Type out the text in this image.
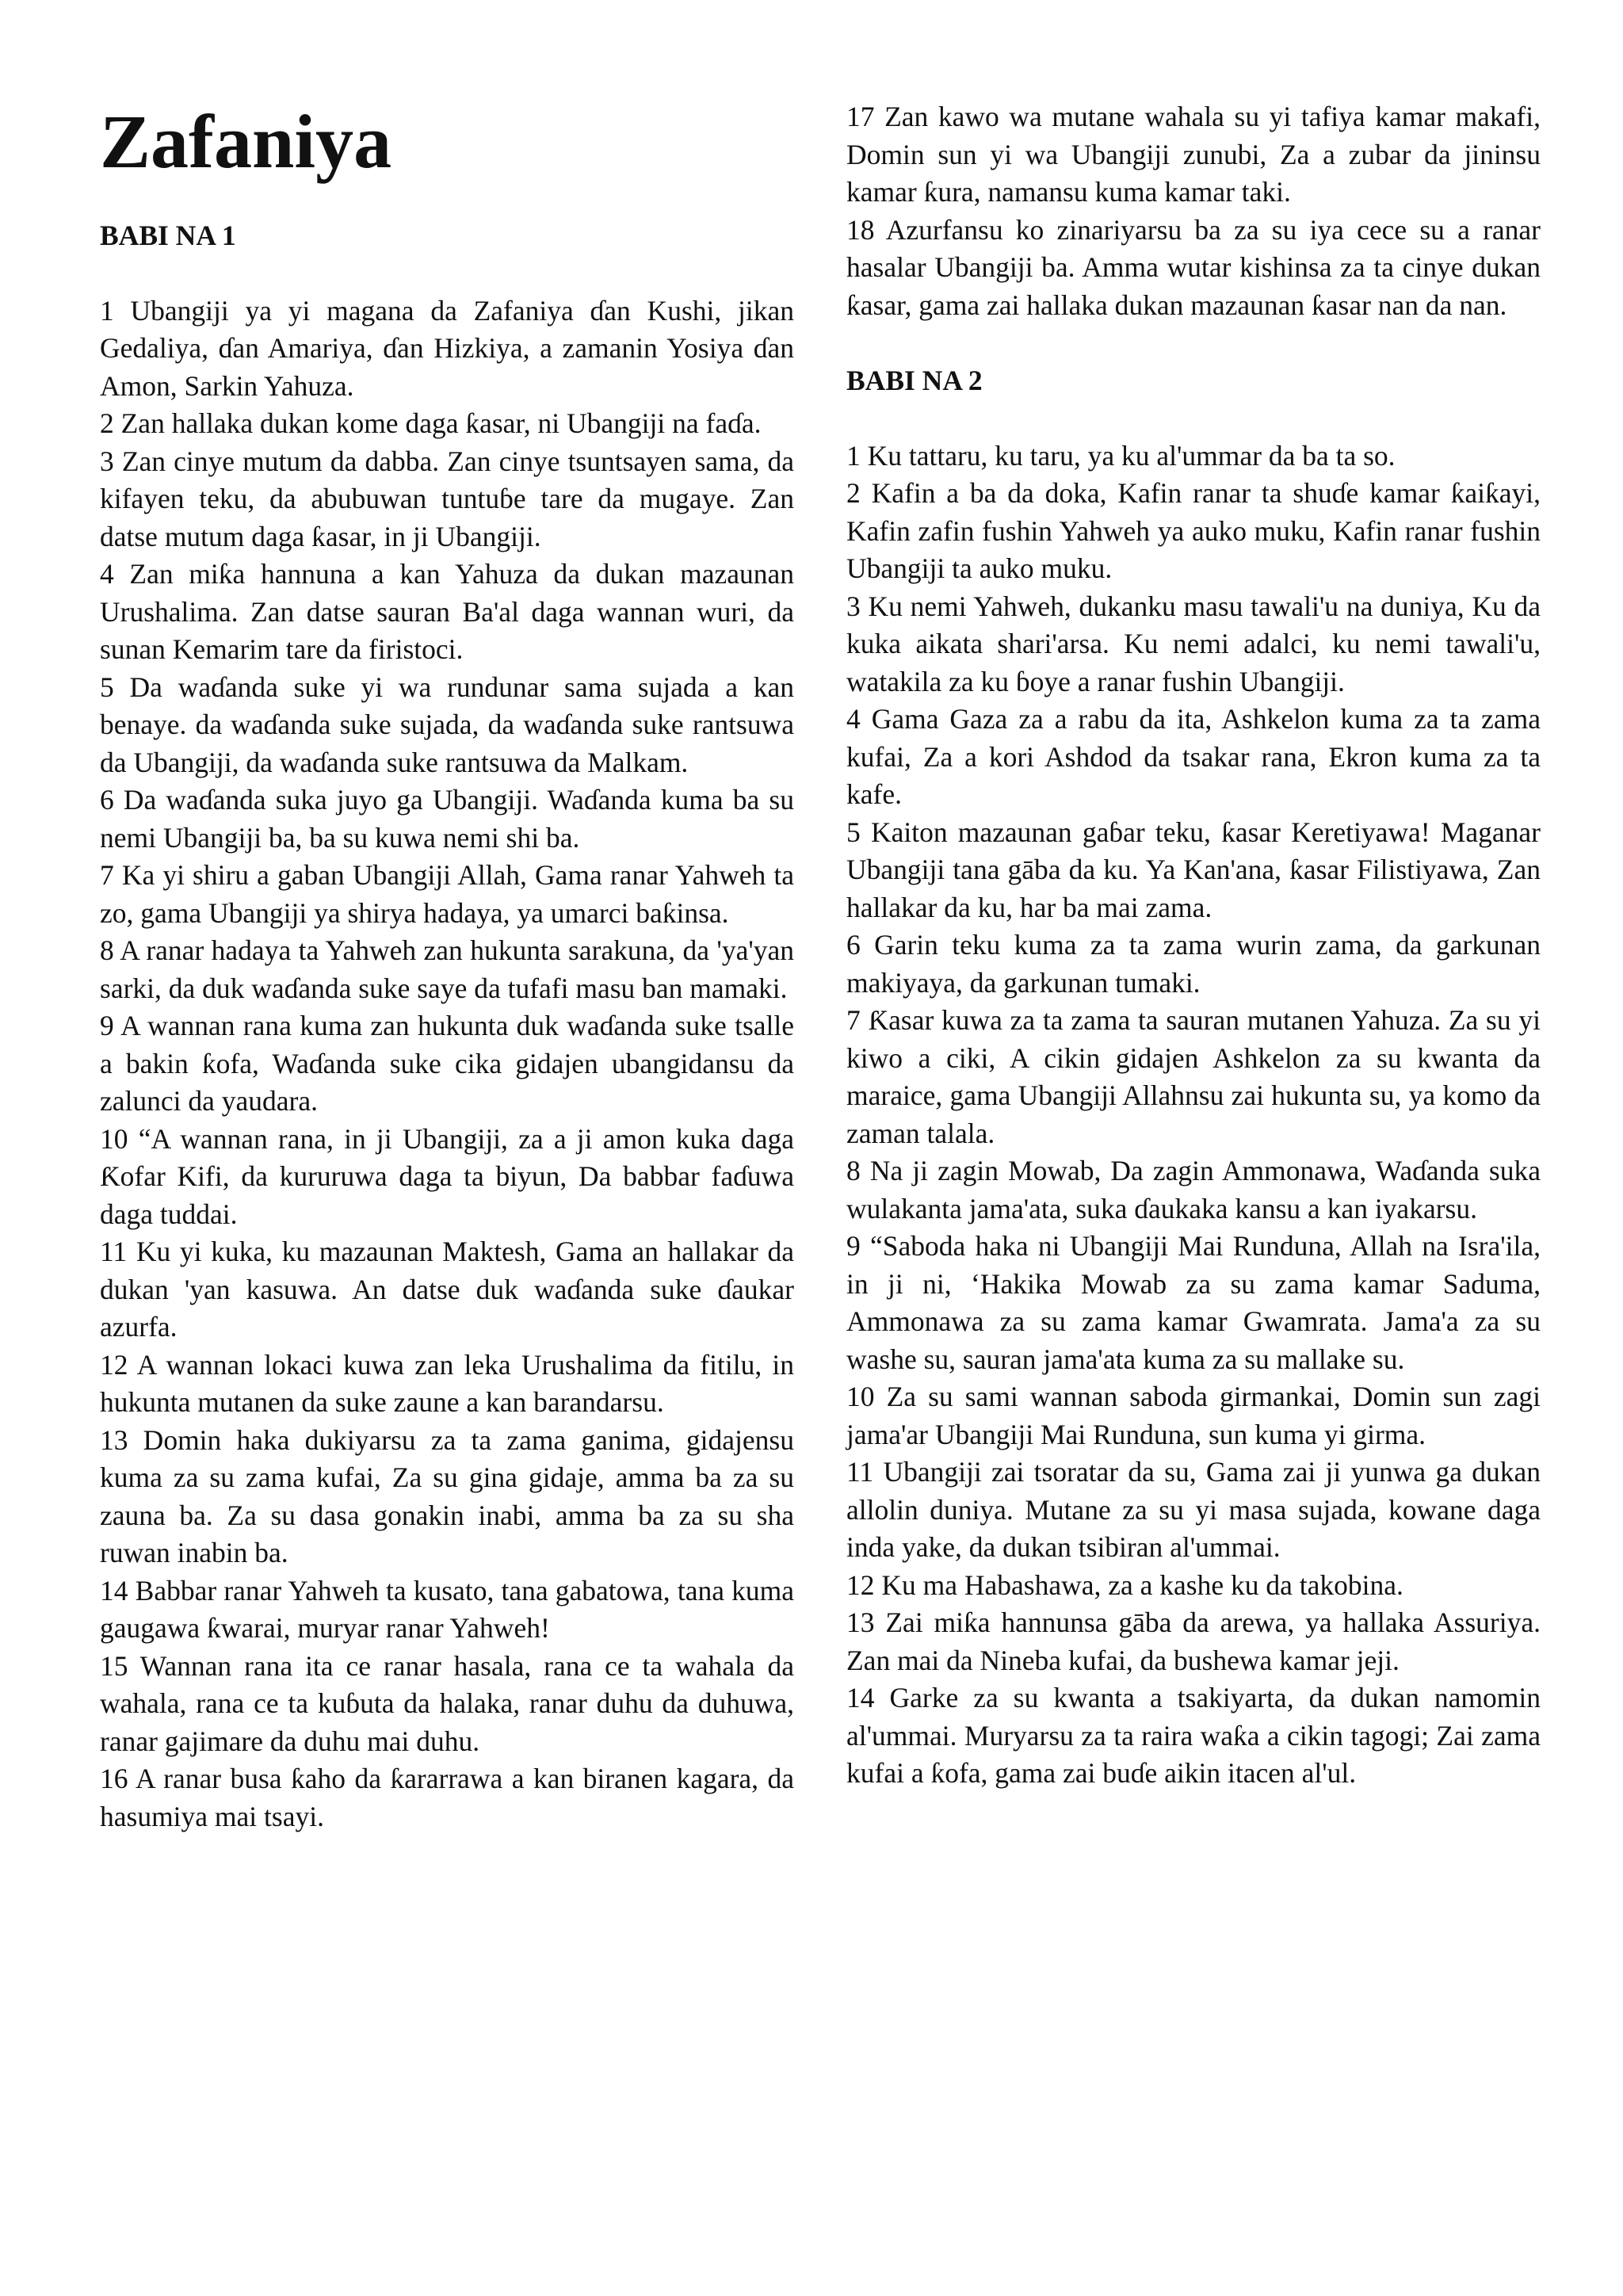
Zafaniya
BABI NA 1

1 Ubangiji ya yi magana da Zafaniya ɗan Kushi, jikan Gedaliya, ɗan Amariya, ɗan Hizkiya, a zamanin Yosiya ɗan Amon, Sarkin Yahuza.

2 Zan hallaka dukan kome daga ƙasar, ni Ubangiji na faɗa.

3 Zan cinye mutum da dabba. Zan cinye tsuntsayen sama, da kifayen teku, da abubuwan tuntuɓe tare da mugaye. Zan datse mutum daga ƙasar, in ji Ubangiji.

4 Zan miƙa hannuna a kan Yahuza da dukan mazaunan Urushalima. Zan datse sauran Ba'al daga wannan wuri, da sunan Kemarim tare da firistoci.

5 Da waɗanda suke yi wa rundunar sama sujada a kan benaye. da waɗanda suke sujada, da waɗanda suke rantsuwa da Ubangiji, da waɗanda suke rantsuwa da Malkam.

6 Da waɗanda suka juyo ga Ubangiji. Waɗanda kuma ba su nemi Ubangiji ba, ba su kuwa nemi shi ba.

7 Ka yi shiru a gaban Ubangiji Allah, Gama ranar Yahweh ta zo, gama Ubangiji ya shirya hadaya, ya umarci baƙinsa.

8 A ranar hadaya ta Yahweh zan hukunta sarakuna, da 'ya'yan sarki, da duk waɗanda suke saye da tufafi masu ban mamaki.

9 A wannan rana kuma zan hukunta duk waɗanda suke tsalle a bakin ƙofa, Waɗanda suke cika gidajen ubangidansu da zalunci da yaudara.

10 “A wannan rana, in ji Ubangiji, za a ji amon kuka daga Ƙofar Kifi, da kururuwa daga ta biyun, Da babbar faɗuwa daga tuddai.

11 Ku yi kuka, ku mazaunan Maktesh, Gama an hallakar da dukan 'yan kasuwa. An datse duk waɗanda suke ɗaukar azurfa.

12 A wannan lokaci kuwa zan leka Urushalima da fitilu, in hukunta mutanen da suke zaune a kan barandarsu.

13 Domin haka dukiyarsu za ta zama ganima, gidajensu kuma za su zama kufai, Za su gina gidaje, amma ba za su zauna ba. Za su dasa gonakin inabi, amma ba za su sha ruwan inabin ba.

14 Babbar ranar Yahweh ta kusato, tana gabatowa, tana kuma gaugawa ƙwarai, muryar ranar Yahweh!

15 Wannan rana ita ce ranar hasala, rana ce ta wahala da wahala, rana ce ta kuɓuta da halaka, ranar duhu da duhuwa, ranar gajimare da duhu mai duhu.

16 A ranar busa ƙaho da ƙararrawa a kan biranen kagara, da hasumiya mai tsayi.

17 Zan kawo wa mutane wahala su yi tafiya kamar makafi, Domin sun yi wa Ubangiji zunubi, Za a zubar da jininsu kamar ƙura, namansu kuma kamar taki.

18 Azurfansu ko zinariyarsu ba za su iya cece su a ranar hasalar Ubangiji ba. Amma wutar kishinsa za ta cinye dukan ƙasar, gama zai hallaka dukan mazaunan ƙasar nan da nan.

BABI NA 2

1 Ku tattaru, ku taru, ya ku al'ummar da ba ta so.

2 Kafin a ba da doka, Kafin ranar ta shuɗe kamar ƙaiƙayi, Kafin zafin fushin Yahweh ya auko muku, Kafin ranar fushin Ubangiji ta auko muku.

3 Ku nemi Yahweh, dukanku masu tawali'u na duniya, Ku da kuka aikata shari'arsa. Ku nemi adalci, ku nemi tawali'u, watakila za ku ɓoye a ranar fushin Ubangiji.

4 Gama Gaza za a rabu da ita, Ashkelon kuma za ta zama kufai, Za a kori Ashdod da tsakar rana, Ekron kuma za ta kafe.

5 Kaiton mazaunan gaɓar teku, ƙasar Keretiyawa! Maganar Ubangiji tana gāba da ku. Ya Kan'ana, ƙasar Filistiyawa, Zan hallakar da ku, har ba mai zama.

6 Garin teku kuma za ta zama wurin zama, da garkunan makiyaya, da garkunan tumaki.

7 Ƙasar kuwa za ta zama ta sauran mutanen Yahuza. Za su yi kiwo a ciki, A cikin gidajen Ashkelon za su kwanta da maraice, gama Ubangiji Allahnsu zai hukunta su, ya komo da zaman talala.

8 Na ji zagin Mowab, Da zagin Ammonawa, Waɗanda suka wulakanta jama'ata, suka ɗaukaka kansu a kan iyakarsu.

9 “Saboda haka ni Ubangiji Mai Runduna, Allah na Isra'ila, in ji ni, ‘Hakika Mowab za su zama kamar Saduma, Ammonawa za su zama kamar Gwamrata. Jama'a za su washe su, sauran jama'ata kuma za su mallake su.

10 Za su sami wannan saboda girmankai, Domin sun zagi jama'ar Ubangiji Mai Runduna, sun kuma yi girma.

11 Ubangiji zai tsoratar da su, Gama zai ji yunwa ga dukan allolin duniya. Mutane za su yi masa sujada, kowane daga inda yake, da dukan tsibiran al'ummai.

12 Ku ma Habashawa, za a kashe ku da takobina.

13 Zai miƙa hannunsa gāba da arewa, ya hallaka Assuriya. Zan mai da Nineba kufai, da bushewa kamar jeji.

14 Garke za su kwanta a tsakiyarta, da dukan namomin al'ummai. Muryarsu za ta raira waƙa a cikin tagogi; Zai zama kufai a ƙofa, gama zai buɗe aikin itacen al'ul.
